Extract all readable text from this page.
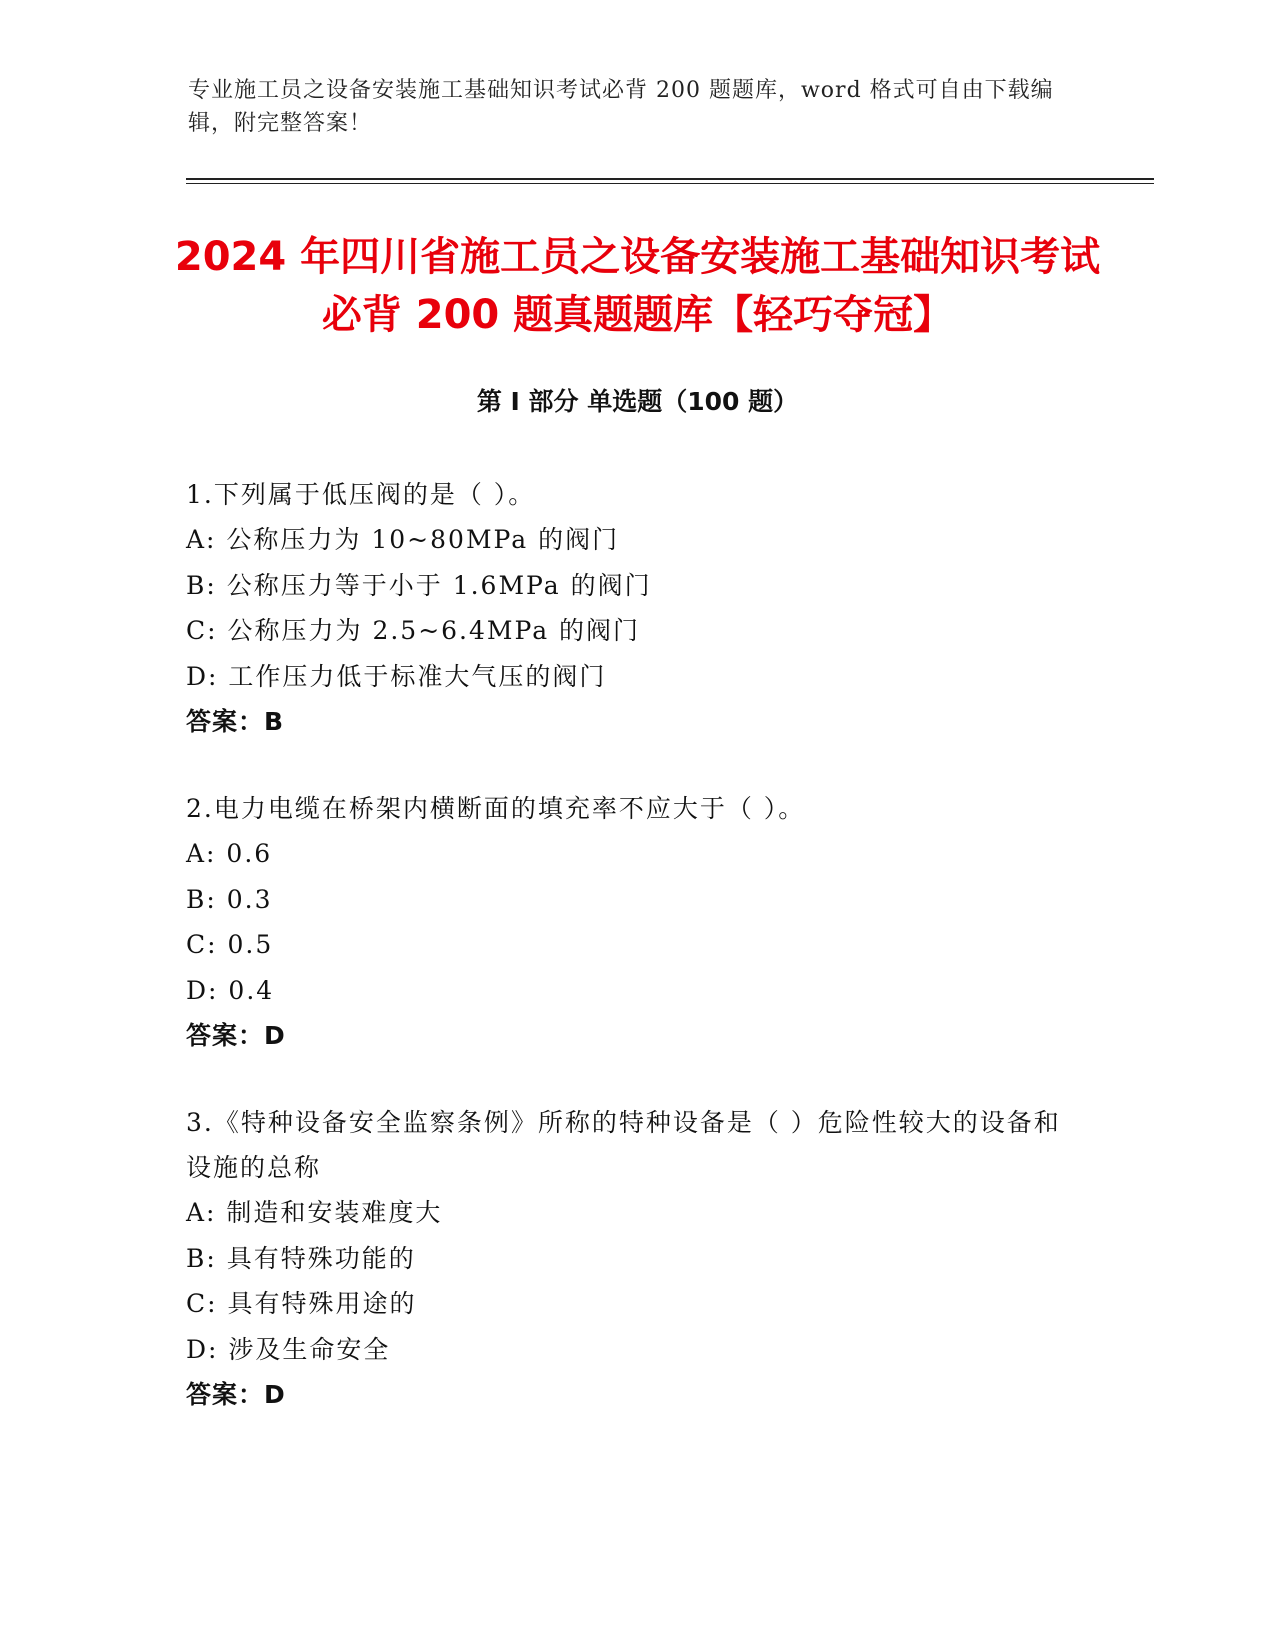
专业施工员之设备安装施工基础知识考试必背 200 题题库，word 格式可自由下载编辑，附完整答案！
2024 年四川省施工员之设备安装施工基础知识考试必背 200 题真题题库【轻巧夺冠】
第 I 部分 单选题（100 题）
1.下列属于低压阀的是（ ）。
A: 公称压力为 10~80MPa 的阀门
B: 公称压力等于小于 1.6MPa 的阀门
C: 公称压力为 2.5~6.4MPa 的阀门
D: 工作压力低于标准大气压的阀门
答案：B
2.电力电缆在桥架内横断面的填充率不应大于（ ）。
A: 0.6
B: 0.3
C: 0.5
D: 0.4
答案：D
3.《特种设备安全监察条例》所称的特种设备是（ ）危险性较大的设备和设施的总称
A: 制造和安装难度大
B: 具有特殊功能的
C: 具有特殊用途的
D: 涉及生命安全
答案：D
